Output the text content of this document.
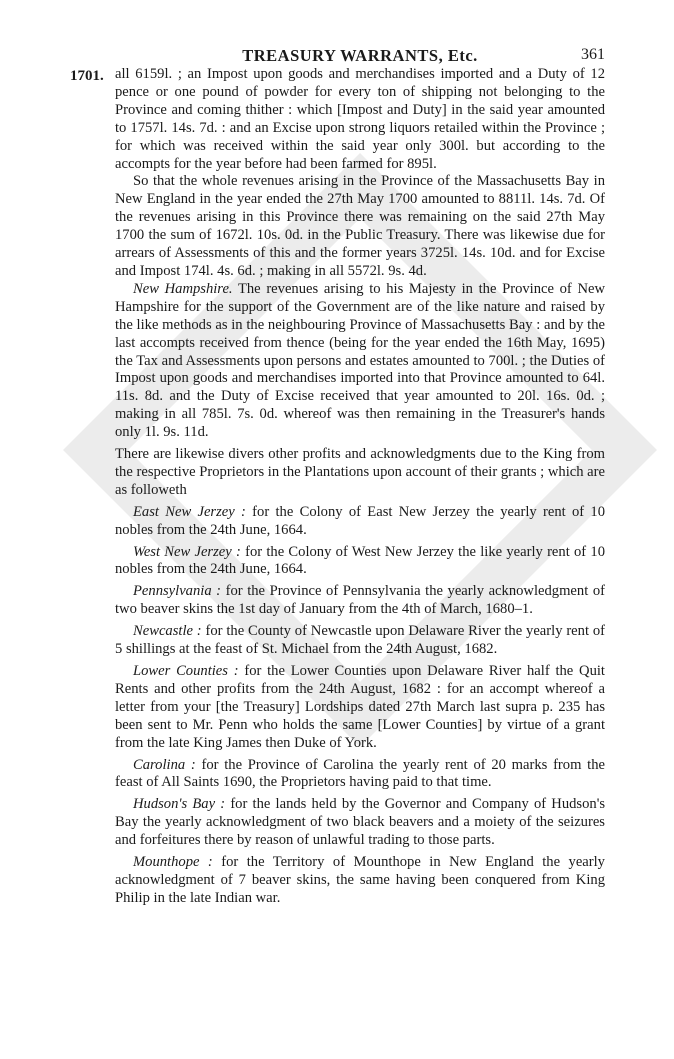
TREASURY WARRANTS, Etc.	361
1701. all 6159l. ; an Impost upon goods and merchandises imported and a Duty of 12 pence or one pound of powder for every ton of shipping not belonging to the Province and coming thither : which [Impost and Duty] in the said year amounted to 1757l. 14s. 7d. : and an Excise upon strong liquors retailed within the Province ; for which was received within the said year only 300l. but according to the accompts for the year before had been farmed for 895l.

So that the whole revenues arising in the Province of the Massachusetts Bay in New England in the year ended the 27th May 1700 amounted to 8811l. 14s. 7d. Of the revenues arising in this Province there was remaining on the said 27th May 1700 the sum of 1672l. 10s. 0d. in the Public Treasury. There was likewise due for arrears of Assessments of this and the former years 3725l. 14s. 10d. and for Excise and Impost 174l. 4s. 6d. ; making in all 5572l. 9s. 4d.

New Hampshire. The revenues arising to his Majesty in the Province of New Hampshire for the support of the Government are of the like nature and raised by the like methods as in the neighbouring Province of Massachusetts Bay : and by the last accompts received from thence (being for the year ended the 16th May, 1695) the Tax and Assessments upon persons and estates amounted to 700l. ; the Duties of Impost upon goods and merchandises imported into that Province amounted to 64l. 11s. 8d. and the Duty of Excise received that year amounted to 20l. 16s. 0d. ; making in all 785l. 7s. 0d. whereof was then remaining in the Treasurer's hands only 1l. 9s. 11d.

There are likewise divers other profits and acknowledgments due to the King from the respective Proprietors in the Plantations upon account of their grants ; which are as followeth

East New Jerzey : for the Colony of East New Jerzey the yearly rent of 10 nobles from the 24th June, 1664.

West New Jerzey : for the Colony of West New Jerzey the like yearly rent of 10 nobles from the 24th June, 1664.

Pennsylvania : for the Province of Pennsylvania the yearly acknowledgment of two beaver skins the 1st day of January from the 4th of March, 1680–1.

Newcastle : for the County of Newcastle upon Delaware River the yearly rent of 5 shillings at the feast of St. Michael from the 24th August, 1682.

Lower Counties : for the Lower Counties upon Delaware River half the Quit Rents and other profits from the 24th August, 1682 : for an accompt whereof a letter from your [the Treasury] Lordships dated 27th March last supra p. 235 has been sent to Mr. Penn who holds the same [Lower Counties] by virtue of a grant from the late King James then Duke of York.

Carolina : for the Province of Carolina the yearly rent of 20 marks from the feast of All Saints 1690, the Proprietors having paid to that time.

Hudson's Bay : for the lands held by the Governor and Company of Hudson's Bay the yearly acknowledgment of two black beavers and a moiety of the seizures and forfeitures there by reason of unlawful trading to those parts.

Mounthope : for the Territory of Mounthope in New England the yearly acknowledgment of 7 beaver skins, the same having been conquered from King Philip in the late Indian war.
